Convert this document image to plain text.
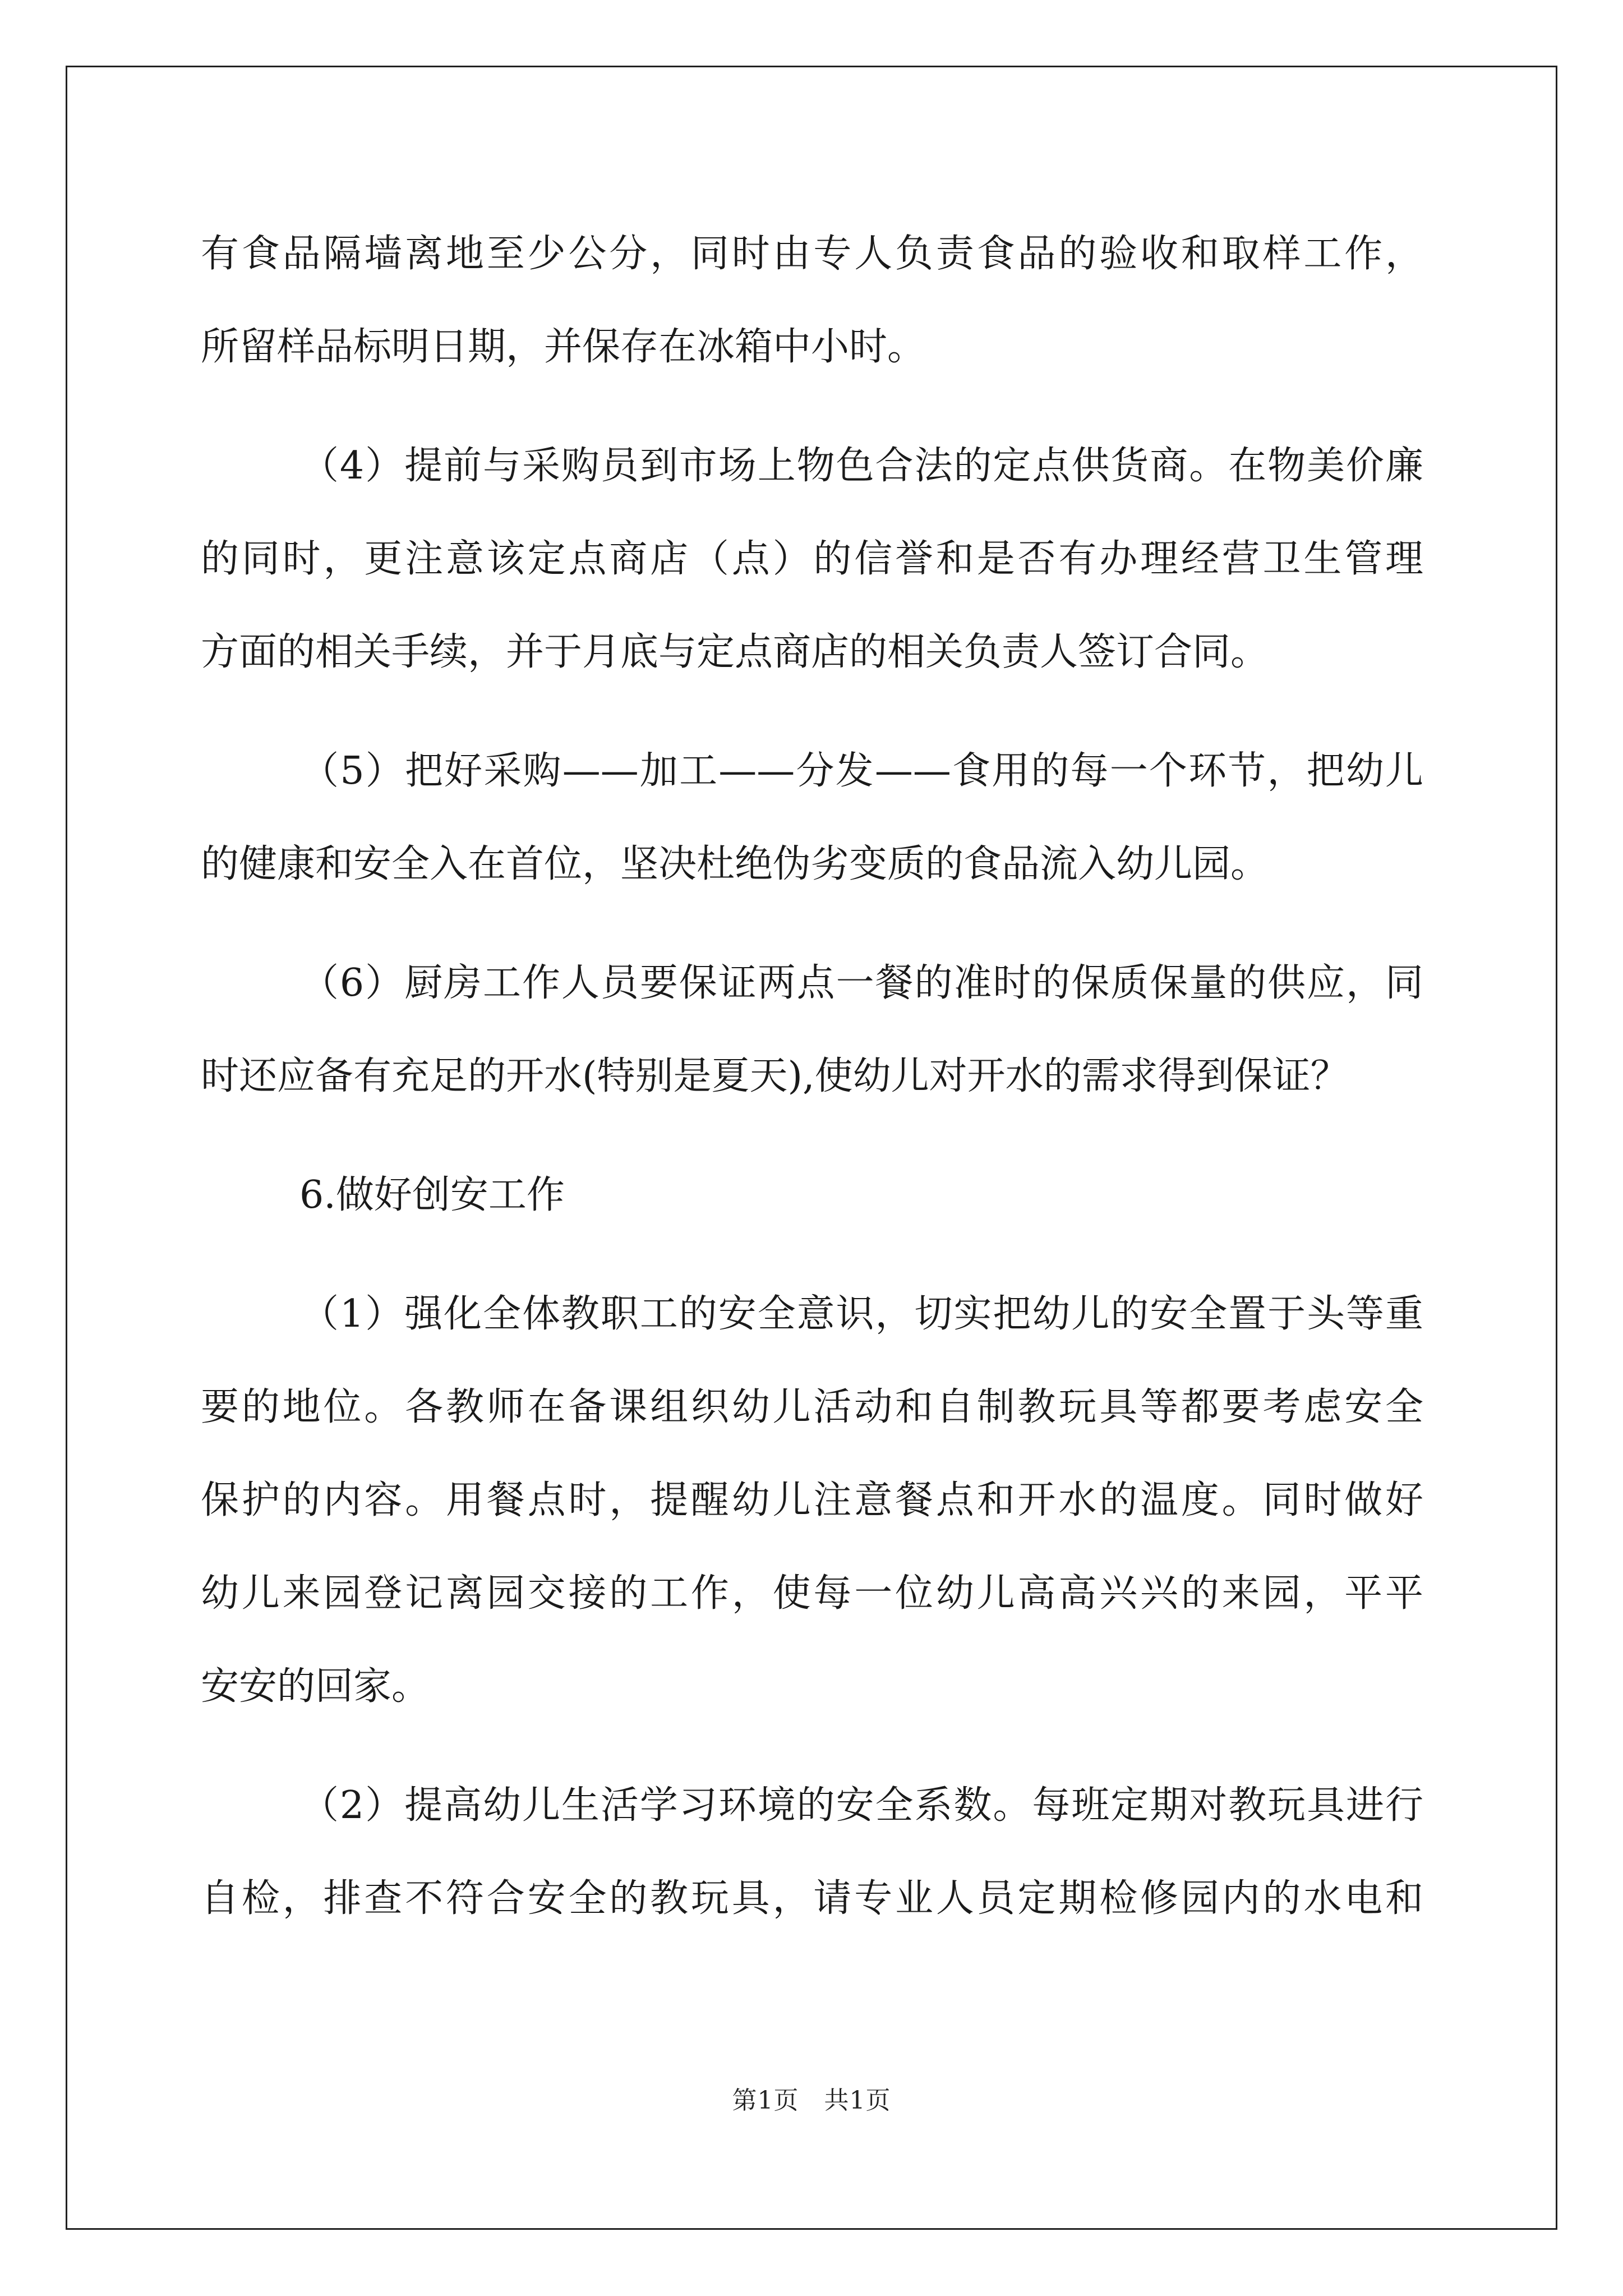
有食品隔墙离地至少公分，同时由专人负责食品的验收和取样工作，
所留样品标明日期，并保存在冰箱中小时。

（4）提前与采购员到市场上物色合法的定点供货商。在物美价廉
的同时，更注意该定点商店（点）的信誉和是否有办理经营卫生管理
方面的相关手续，并于月底与定点商店的相关负责人签订合同。

（5）把好采购——加工——分发——食用的每一个环节，把幼儿
的健康和安全入在首位，坚决杜绝伪劣变质的食品流入幼儿园。

（6）厨房工作人员要保证两点一餐的准时的保质保量的供应，同
时还应备有充足的开水(特别是夏天),使幼儿对开水的需求得到保证？

6.做好创安工作

（1）强化全体教职工的安全意识，切实把幼儿的安全置于头等重
要的地位。各教师在备课组织幼儿活动和自制教玩具等都要考虑安全
保护的内容。用餐点时，提醒幼儿注意餐点和开水的温度。同时做好
幼儿来园登记离园交接的工作，使每一位幼儿高高兴兴的来园，平平
安安的回家。

（2）提高幼儿生活学习环境的安全系数。每班定期对教玩具进行
自检，排查不符合安全的教玩具，请专业人员定期检修园内的水电和

第1页　共1页
